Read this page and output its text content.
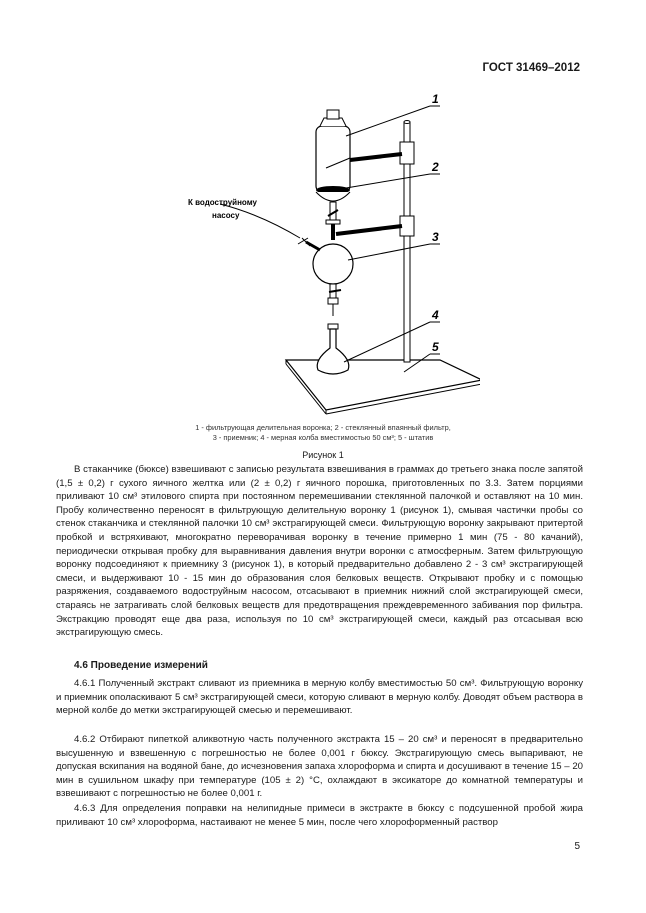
ГОСТ 31469–2012
К водоструйному
насосу
1
2
3
4
5
1 - фильтрующая делительная воронка; 2 - стеклянный впаянный фильтр,
3 - приемник; 4 - мерная колба вместимостью 50 см³; 5 - штатив
Рисунок 1
В стаканчике (бюксе) взвешивают с записью результата взвешивания в граммах до третьего знака после запятой (1,5 ± 0,2) г сухого яичного желтка или (2 ± 0,2) г яичного порошка, приготовленных по 3.3. Затем порциями приливают 10 см³ этилового спирта при постоянном перемешивании стеклянной палочкой и оставляют на 10 мин. Пробу количественно переносят в фильтрующую делительную воронку 1 (рисунок 1), смывая частички пробы со стенок стаканчика и стеклянной палочки 10 см³ экстрагирующей смеси. Фильтрующую воронку закрывают притертой пробкой и встряхивают, многократно переворачивая воронку в течение примерно 1 мин (75 - 80 качаний), периодически открывая пробку для выравнивания давления внутри воронки с атмосферным. Затем фильтрующую воронку подсоединяют к приемнику 3 (рисунок 1), в который предварительно добавлено 2 - 3 см³ экстрагирующей смеси, и выдерживают 10 - 15 мин до образования слоя белковых веществ. Открывают пробку и с помощью разряжения, создаваемого водоструйным насосом, отсасывают в приемник нижний слой экстрагирующей смеси, стараясь не затрагивать слой белковых веществ для предотвращения преждевременного забивания пор фильтра. Экстракцию проводят еще два раза, используя по 10 см³ экстрагирующей смеси, каждый раз отсасывая всю экстрагирующую смесь.
4.6 Проведение измерений
4.6.1 Полученный экстракт сливают из приемника в мерную колбу вместимостью 50 см³. Фильтрующую воронку и приемник ополаскивают 5 см³ экстрагирующей смеси, которую сливают в мерную колбу. Доводят объем раствора в мерной колбе до метки экстрагирующей смесью и перемешивают.
4.6.2 Отбирают пипеткой аликвотную часть полученного экстракта 15 – 20 см³ и переносят в предварительно высушенную и взвешенную с погрешностью не более 0,001 г бюксу. Экстрагирующую смесь выпаривают, не допуская вскипания на водяной бане, до исчезновения запаха хлороформа и спирта и досушивают в течение 15 – 20 мин в сушильном шкафу при температуре (105 ± 2) °С, охлаждают в эксикаторе до комнатной температуры и взвешивают с погрешностью не более 0,001 г.
4.6.3 Для определения поправки на нелипидные примеси в экстракте в бюксу с подсушенной пробой жира приливают 10 см³ хлороформа, настаивают не менее 5 мин, после чего хлороформенный раствор
5
